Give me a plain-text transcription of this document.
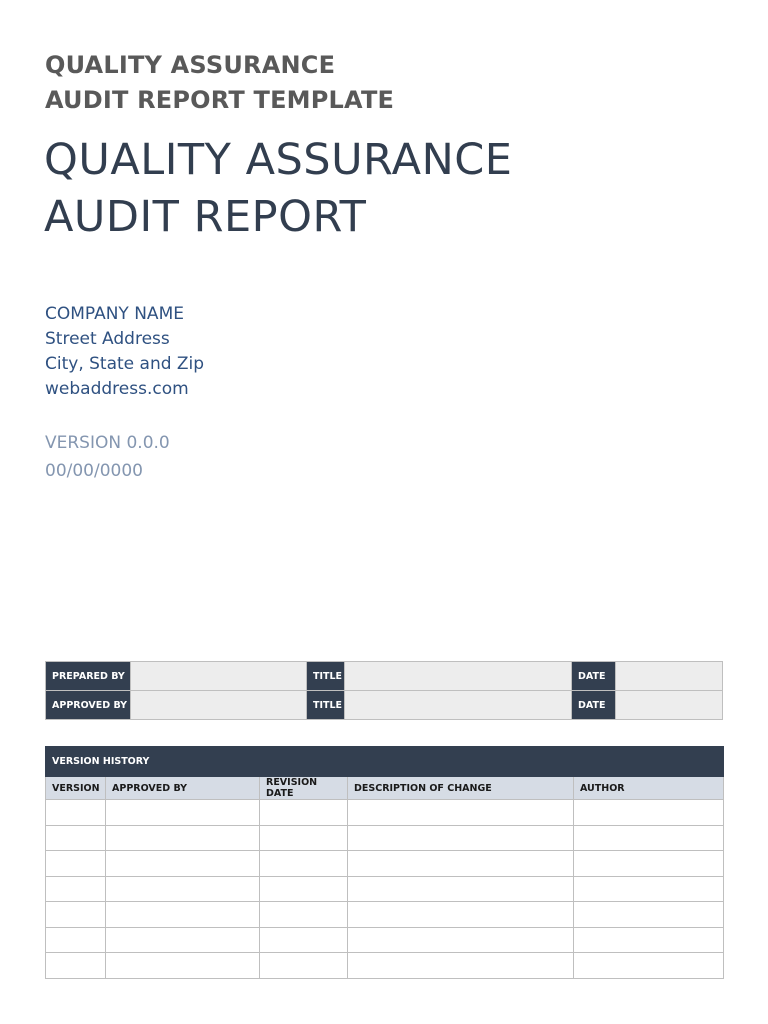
QUALITY ASSURANCE
AUDIT REPORT TEMPLATE
QUALITY ASSURANCE
AUDIT REPORT
COMPANY NAME
Street Address
City, State and Zip
webaddress.com
VERSION 0.0.0
00/00/0000
PREPARED BY		TITLE		DATE	
APPROVED BY		TITLE		DATE	
VERSION HISTORY				
VERSION	APPROVED BY	REVISION DATE	DESCRIPTION OF CHANGE	AUTHOR
